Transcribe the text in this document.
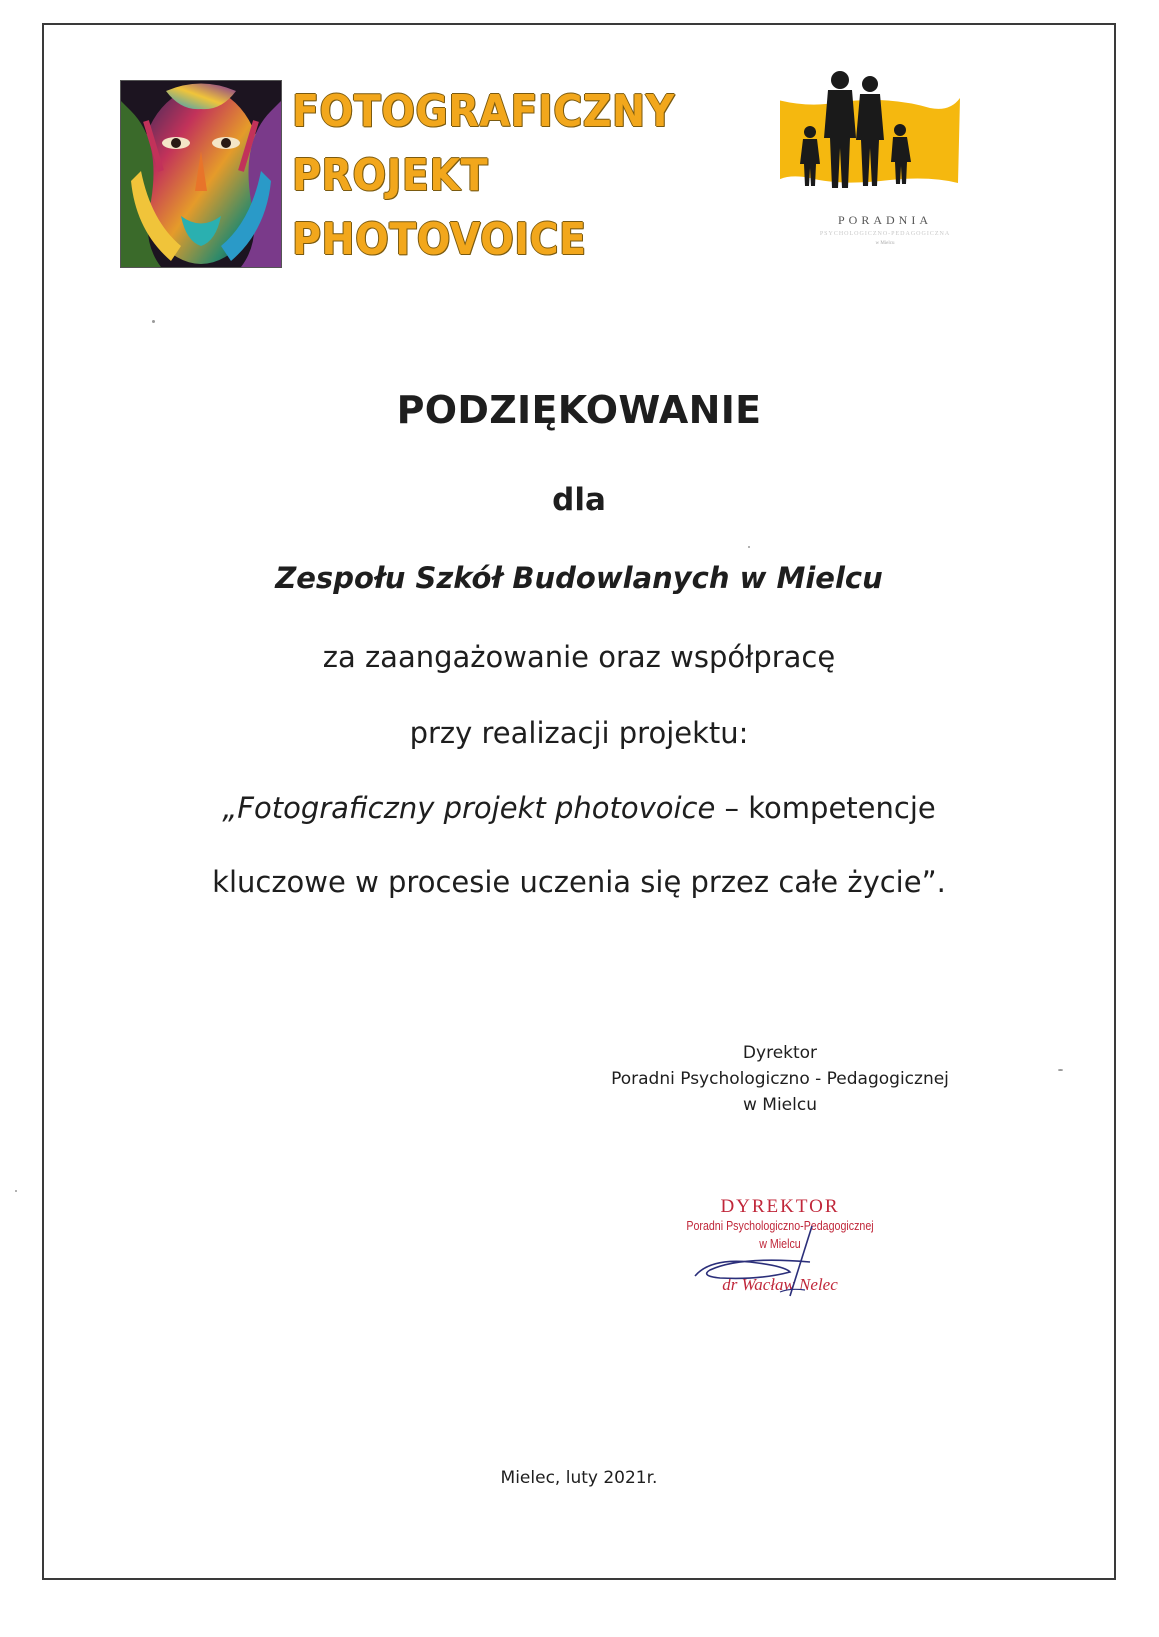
FOTOGRAFICZNY
PROJEKT
PHOTOVOICE	PORADNIA
PSYCHOLOGICZNO-PEDAGOGICZNA
w Mielcu
PODZIĘKOWANIE
dla
Zespołu Szkół Budowlanych w Mielcu
za zaangażowanie oraz współpracę
przy realizacji projektu:
„Fotograficzny projekt photovoice – kompetencje
kluczowe w procesie uczenia się przez całe życie”.
Dyrektor
Poradni Psychologiczno - Pedagogicznej
w Mielcu
DYREKTOR
Poradni Psychologiczno-Pedagogicznej
w Mielcu
dr Wacław Nelec
Mielec, luty 2021r.
